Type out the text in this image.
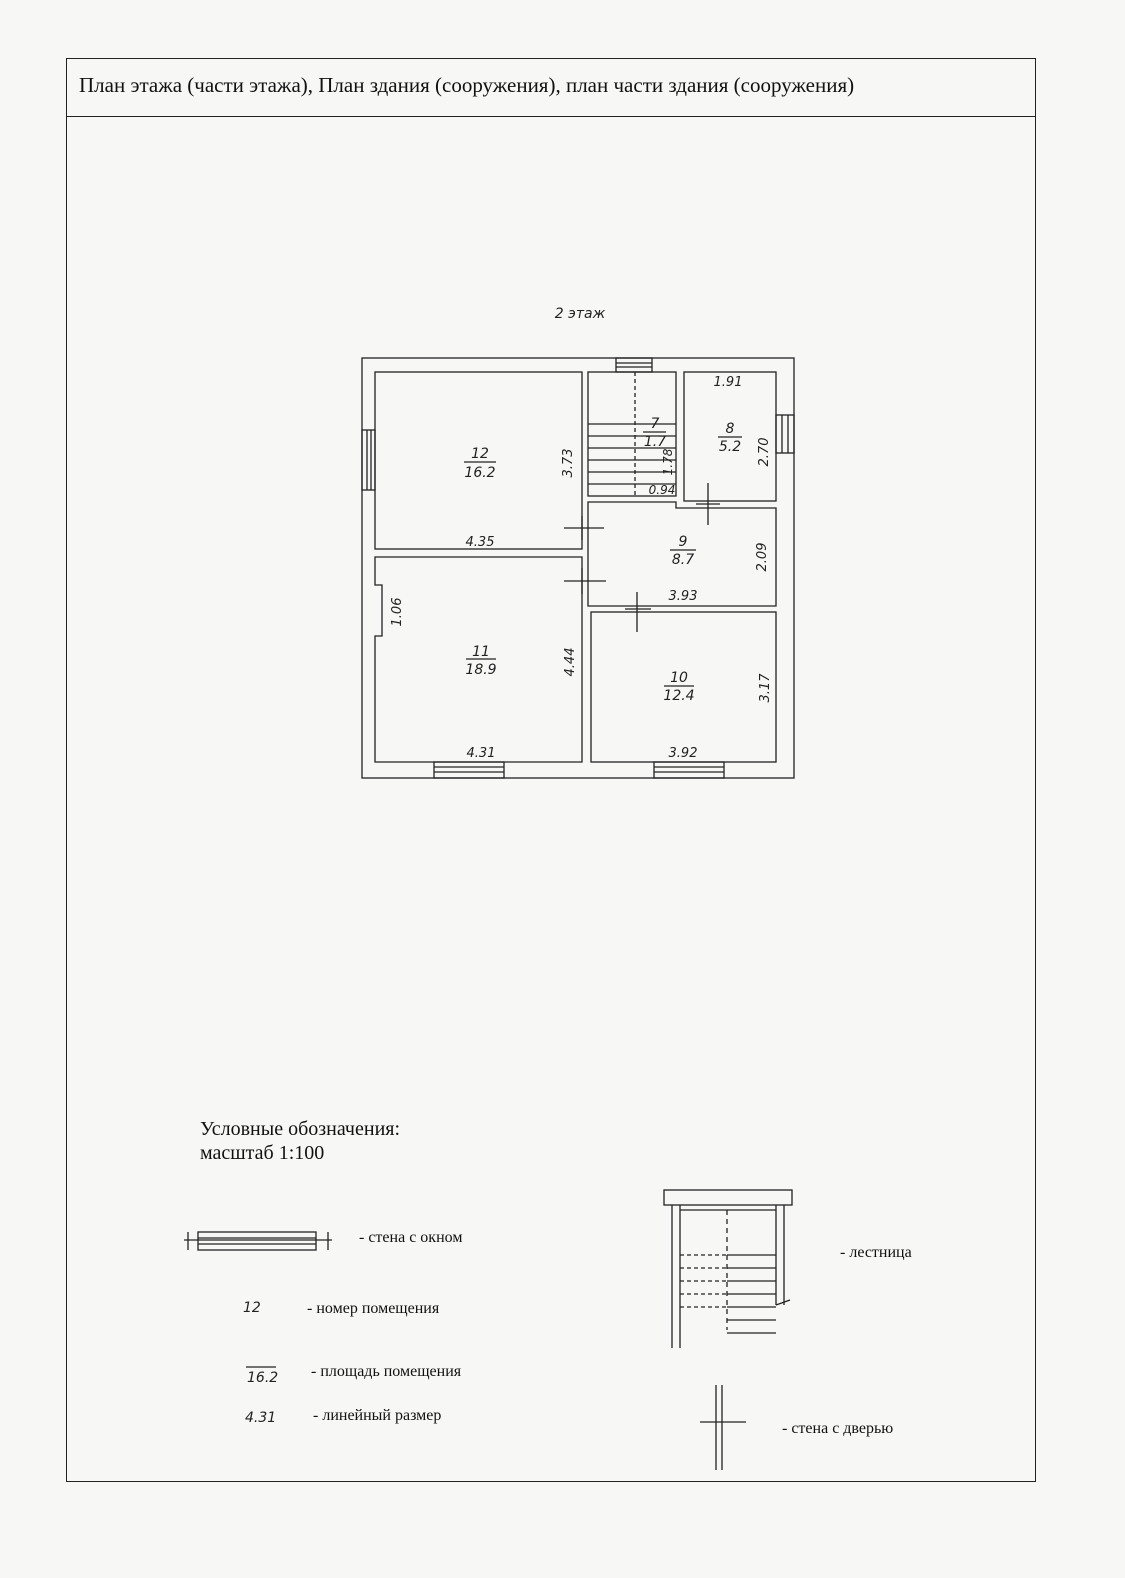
План этажа (части этажа), План здания (сооружения), план части здания (сооружения)
2 этаж
12
16.2
4.35
3.73
11
18.9
4.31
4.44
1.06
7
1.7
0.94
1.78
8
5.2
1.91
2.70
9
8.7
3.93
2.09
10
12.4
3.92
3.17
12
16.2
4.31
Условные обозначения:
масштаб 1:100
- стена с окном
- лестница
- номер помещения
- площадь помещения
- линейный размер
- стена с дверью
